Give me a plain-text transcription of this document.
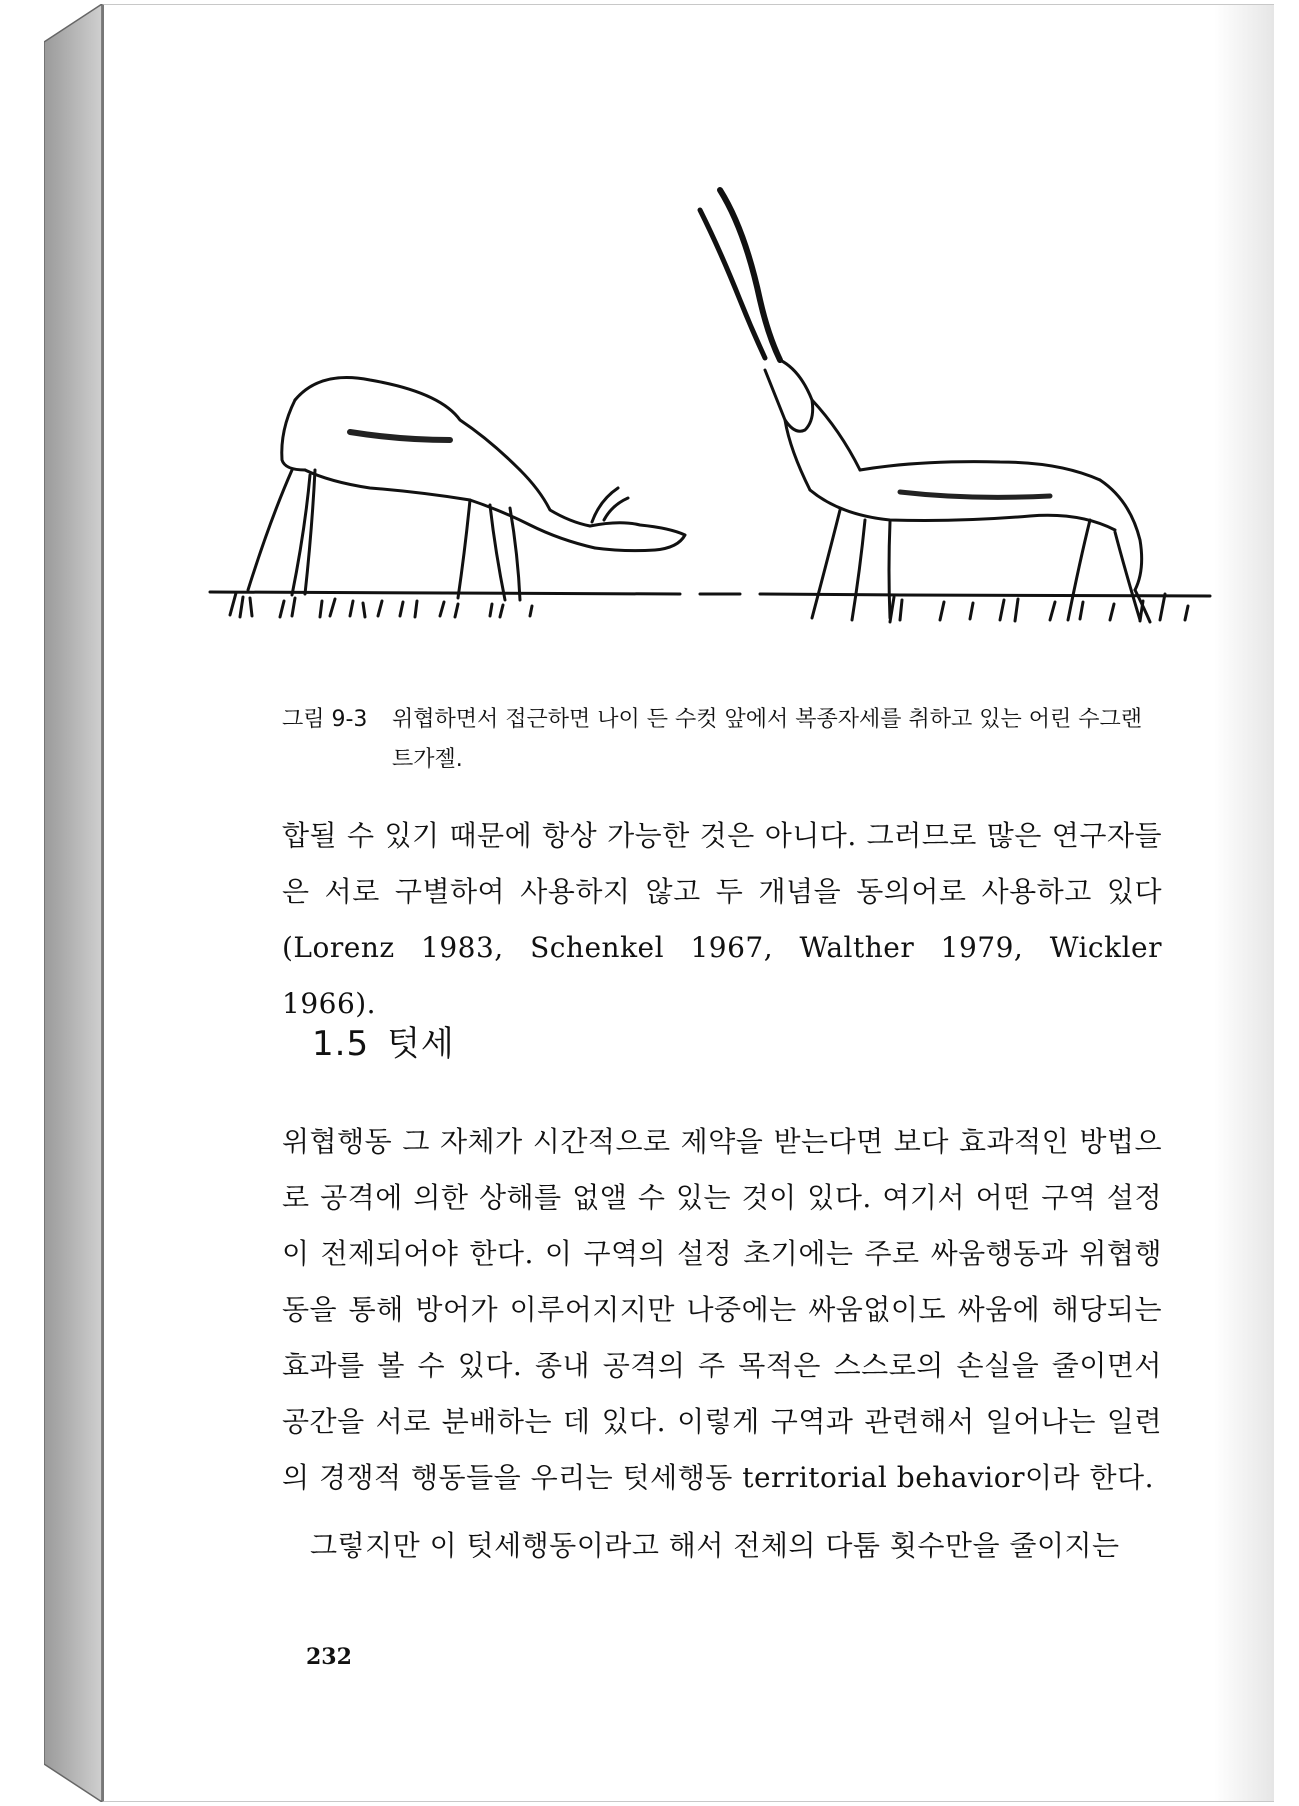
그림 9-3 위협하면서 접근하면 나이 든 수컷 앞에서 복종자세를 취하고 있는 어린 수그랜트가젤.
합될 수 있기 때문에 항상 가능한 것은 아니다. 그러므로 많은 연구자들은 서로 구별하여 사용하지 않고 두 개념을 동의어로 사용하고 있다(Lorenz 1983, Schenkel 1967, Walther 1979, Wickler 1966).
1.5 텃세
위협행동 그 자체가 시간적으로 제약을 받는다면 보다 효과적인 방법으로 공격에 의한 상해를 없앨 수 있는 것이 있다. 여기서 어떤 구역 설정이 전제되어야 한다. 이 구역의 설정 초기에는 주로 싸움행동과 위협행동을 통해 방어가 이루어지지만 나중에는 싸움없이도 싸움에 해당되는 효과를 볼 수 있다. 종내 공격의 주 목적은 스스로의 손실을 줄이면서 공간을 서로 분배하는 데 있다. 이렇게 구역과 관련해서 일어나는 일련의 경쟁적 행동들을 우리는 텃세행동 territorial behavior이라 한다.
그렇지만 이 텃세행동이라고 해서 전체의 다툼 횟수만을 줄이지는
232
